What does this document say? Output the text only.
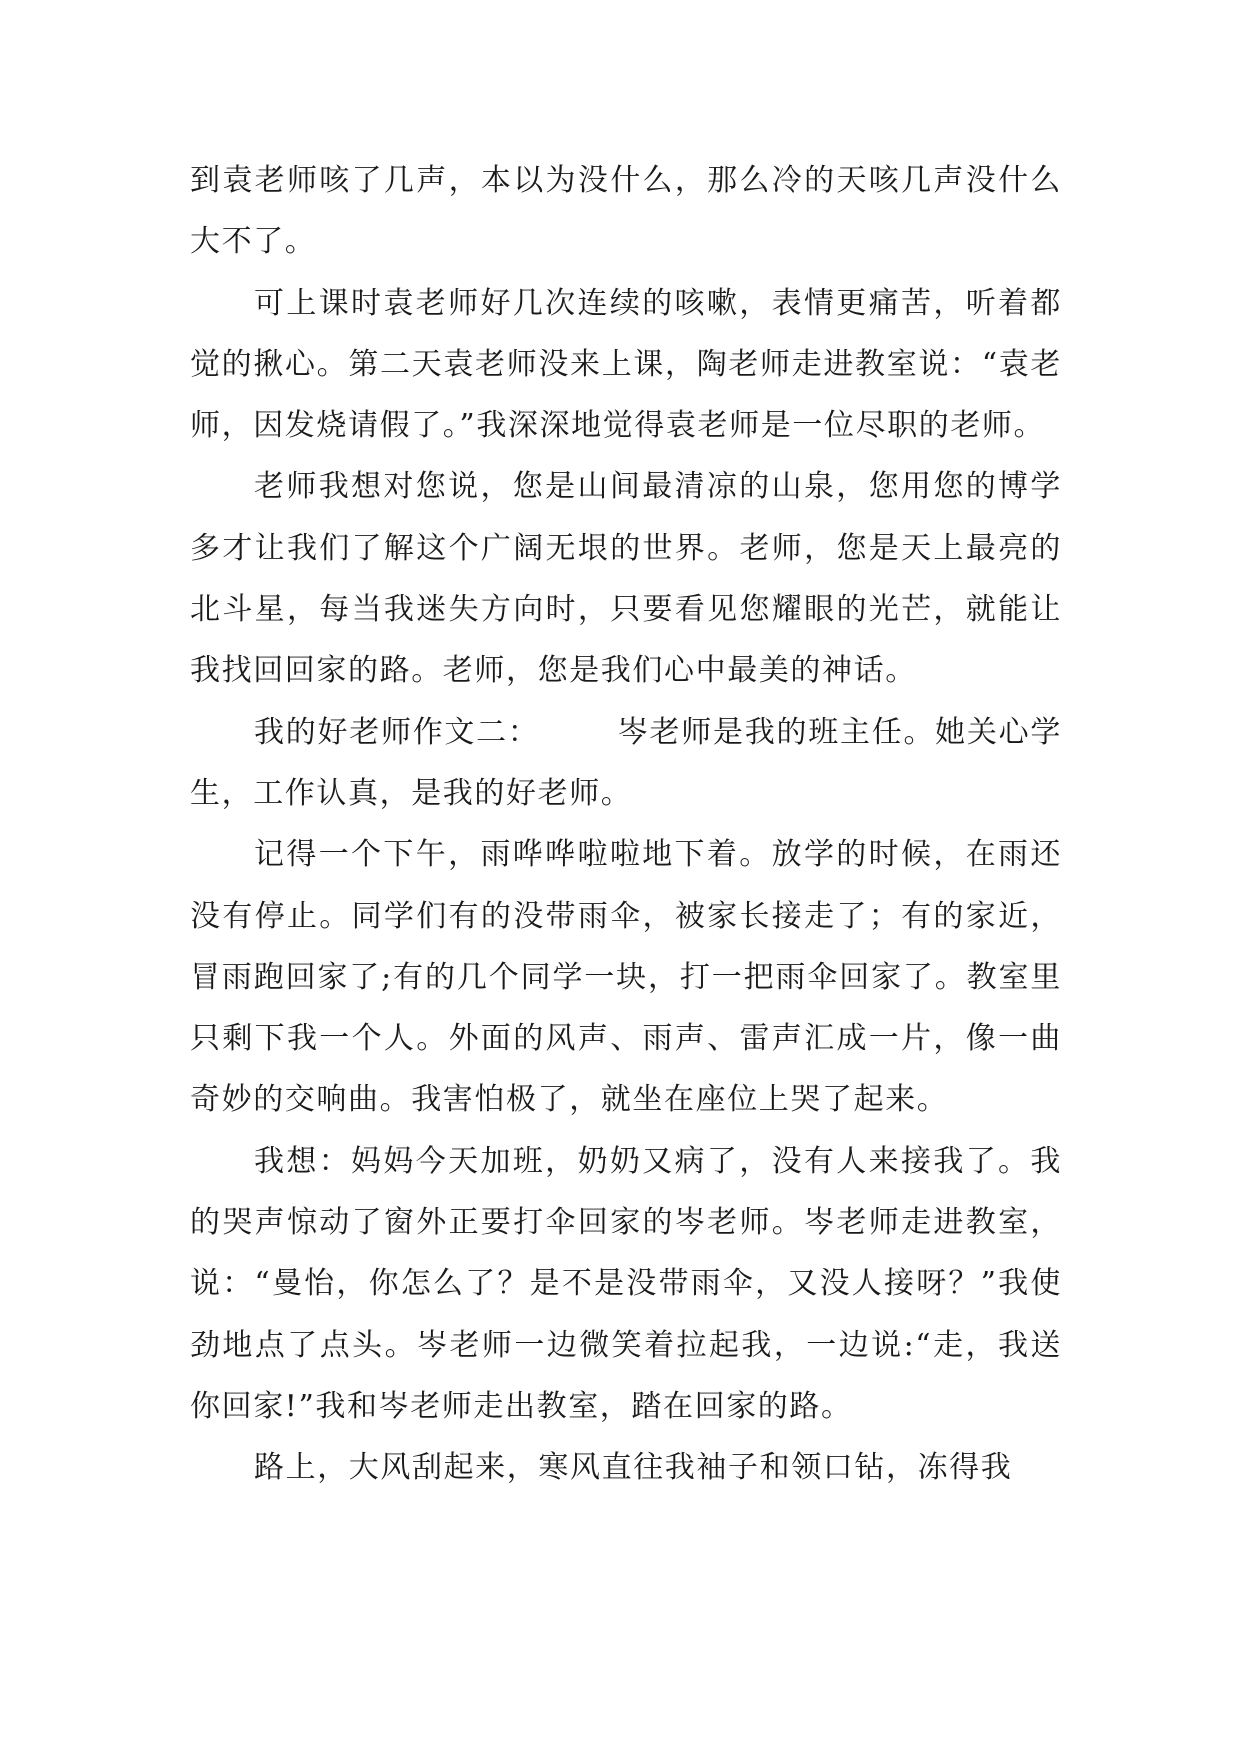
到袁老师咳了几声，本以为没什么，那么冷的天咳几声没什么大不了。

可上课时袁老师好几次连续的咳嗽，表情更痛苦，听着都觉的揪心。第二天袁老师没来上课，陶老师走进教室说：“袁老师，因发烧请假了。”我深深地觉得袁老师是一位尽职的老师。

老师我想对您说，您是山间最清凉的山泉，您用您的博学多才让我们了解这个广阔无垠的世界。老师，您是天上最亮的北斗星，每当我迷失方向时，只要看见您耀眼的光芒，就能让我找回回家的路。老师，您是我们心中最美的神话。

我的好老师作文二：	岑老师是我的班主任。她关心学生，工作认真，是我的好老师。

记得一个下午，雨哗哗啦啦地下着。放学的时候，在雨还没有停止。同学们有的没带雨伞，被家长接走了；有的家近，冒雨跑回家了;有的几个同学一块，打一把雨伞回家了。教室里只剩下我一个人。外面的风声、雨声、雷声汇成一片，像一曲奇妙的交响曲。我害怕极了，就坐在座位上哭了起来。

我想：妈妈今天加班，奶奶又病了，没有人来接我了。我的哭声惊动了窗外正要打伞回家的岑老师。岑老师走进教室，说：“曼怡，你怎么了？是不是没带雨伞，又没人接呀？”我使劲地点了点头。岑老师一边微笑着拉起我，一边说:“走，我送你回家!”我和岑老师走出教室，踏在回家的路。

路上，大风刮起来，寒风直往我袖子和领口钻，冻得我
